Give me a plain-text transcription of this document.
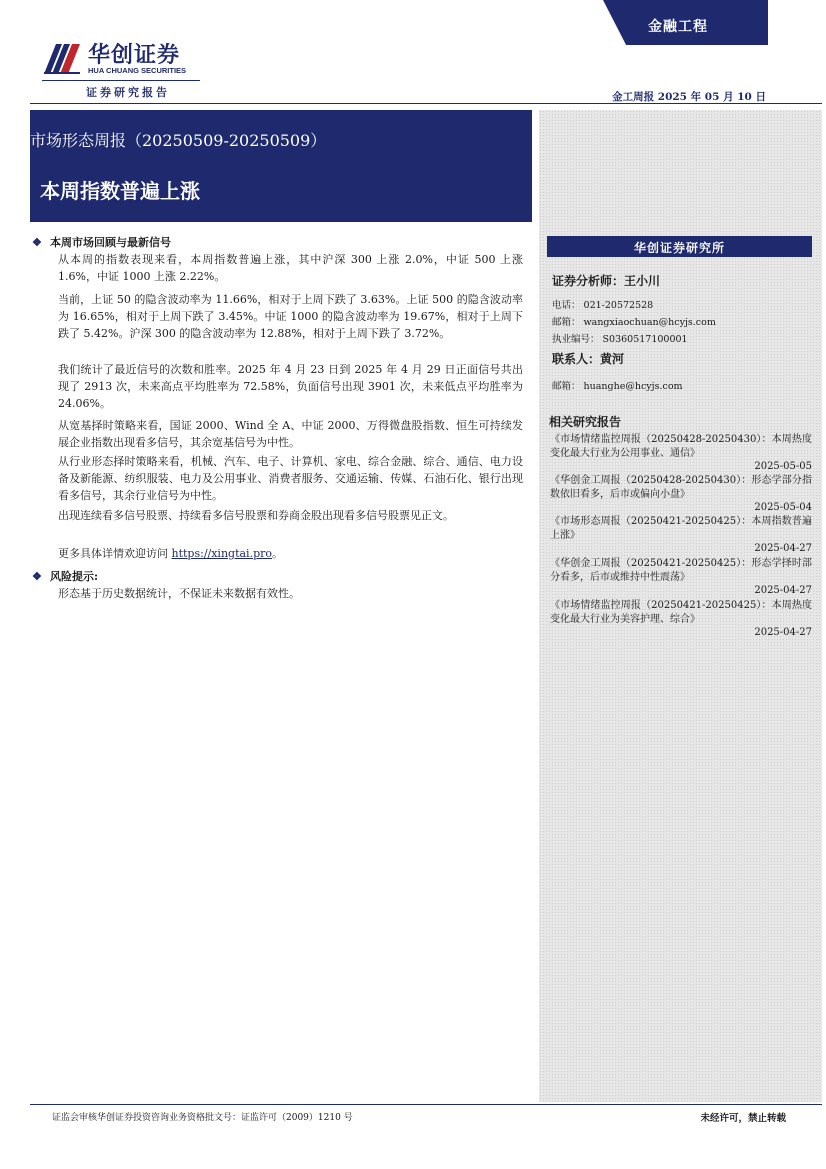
华创证券
HUA CHUANG SECURITIES
证券研究报告
金融工程
金工周报 2025 年 05 月 10 日
市场形态周报（20250509-20250509）
本周指数普遍上涨
华创证券研究所
证券分析师：王小川
电话： 021-20572528
邮箱： wangxiaochuan@hcyjs.com
执业编号： S0360517100001
联系人：黄河
邮箱： huanghe@hcyjs.com
相关研究报告
《市场情绪监控周报（20250428-20250430）：本周热度变化最大行业为公用事业、通信》
2025-05-05
《华创金工周报（20250428-20250430）：形态学部分指数依旧看多，后市或偏向小盘》
2025-05-04
《市场形态周报（20250421-20250425）：本周指数普遍上涨》
2025-04-27
《华创金工周报（20250421-20250425）：形态学择时部分看多，后市或维持中性震荡》
2025-04-27
《市场情绪监控周报（20250421-20250425）：本周热度变化最大行业为美容护理、综合》
2025-04-27
❖ 本周市场回顾与最新信号
从本周的指数表现来看，本周指数普遍上涨，其中沪深 300 上涨 2.0%，中证 500 上涨 1.6%，中证 1000 上涨 2.22%。
当前，上证 50 的隐含波动率为 11.66%，相对于上周下跌了 3.63%。上证 500 的隐含波动率为 16.65%，相对于上周下跌了 3.45%。中证 1000 的隐含波动率为 19.67%，相对于上周下跌了 5.42%。沪深 300 的隐含波动率为 12.88%，相对于上周下跌了 3.72%。
我们统计了最近信号的次数和胜率。2025 年 4 月 23 日到 2025 年 4 月 29 日正面信号共出现了 2913 次，未来高点平均胜率为 72.58%，负面信号出现 3901 次，未来低点平均胜率为 24.06%。
从宽基择时策略来看，国证 2000、Wind 全 A、中证 2000、万得微盘股指数、恒生可持续发展企业指数出现看多信号，其余宽基信号为中性。
从行业形态择时策略来看，机械、汽车、电子、计算机、家电、综合金融、综合、通信、电力设备及新能源、纺织服装、电力及公用事业、消费者服务、交通运输、传媒、石油石化、银行出现看多信号，其余行业信号为中性。
出现连续看多信号股票、持续看多信号股票和券商金股出现看多信号股票见正文。
更多具体详情欢迎访问 https://xingtai.pro。
❖ 风险提示:
形态基于历史数据统计，不保证未来数据有效性。
证监会审核华创证券投资咨询业务资格批文号：证监许可（2009）1210 号	未经许可，禁止转载
